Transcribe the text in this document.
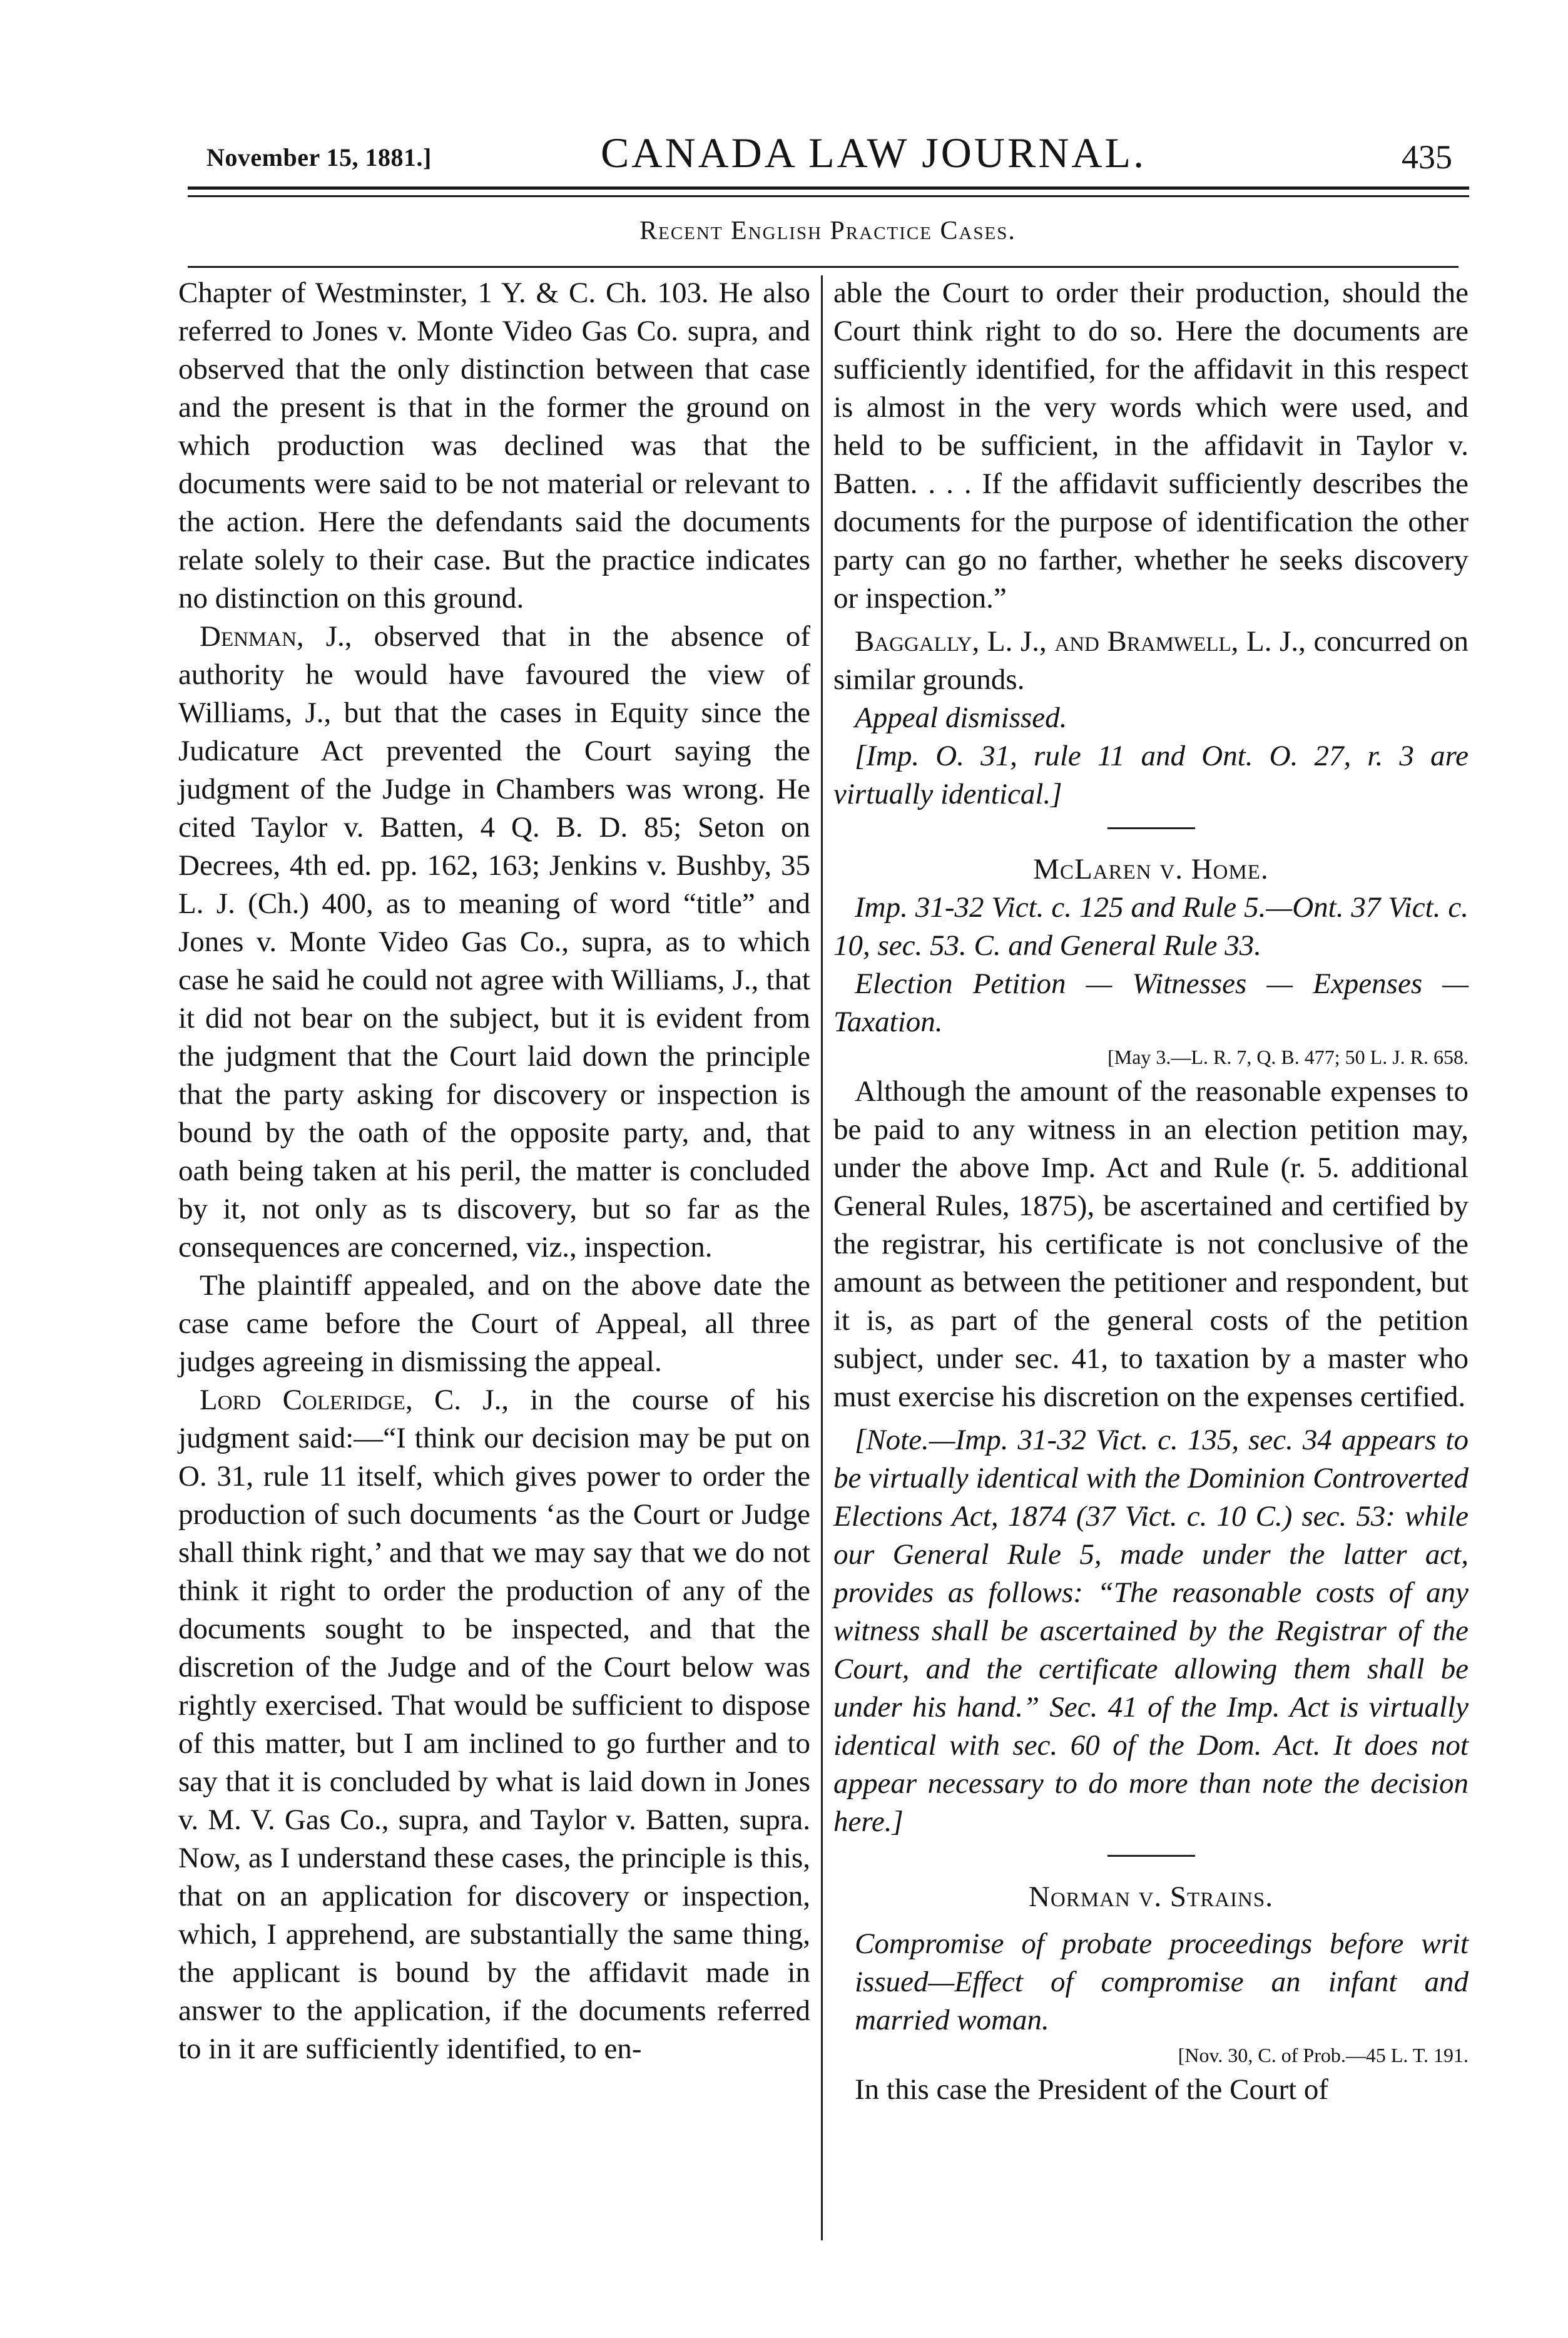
November 15, 1881.]	CANADA LAW JOURNAL.	435
Recent English Practice Cases.

Chapter of Westminster, 1 Y. & C. Ch. 103. He also referred to Jones v. Monte Video Gas Co. supra, and observed that the only distinction between that case and the present is that in the former the ground on which production was declined was that the documents were said to be not material or relevant to the action. Here the defendants said the documents relate solely to their case. But the practice indicates no distinction on this ground.

Denman, J., observed that in the absence of authority he would have favoured the view of Williams, J., but that the cases in Equity since the Judicature Act prevented the Court saying the judgment of the Judge in Chambers was wrong. He cited Taylor v. Batten, 4 Q. B. D. 85; Seton on Decrees, 4th ed. pp. 162, 163; Jenkins v. Bushby, 35 L. J. (Ch.) 400, as to meaning of word “title” and Jones v. Monte Video Gas Co., supra, as to which case he said he could not agree with Williams, J., that it did not bear on the subject, but it is evident from the judgment that the Court laid down the principle that the party asking for discovery or inspection is bound by the oath of the opposite party, and, that oath being taken at his peril, the matter is concluded by it, not only as ts discovery, but so far as the consequences are concerned, viz., inspection.

The plaintiff appealed, and on the above date the case came before the Court of Appeal, all three judges agreeing in dismissing the appeal.

Lord Coleridge, C. J., in the course of his judgment said:—“I think our decision may be put on O. 31, rule 11 itself, which gives power to order the production of such documents ‘as the Court or Judge shall think right,’ and that we may say that we do not think it right to order the production of any of the documents sought to be inspected, and that the discretion of the Judge and of the Court below was rightly exercised. That would be sufficient to dispose of this matter, but I am inclined to go further and to say that it is concluded by what is laid down in Jones v. M. V. Gas Co., supra, and Taylor v. Batten, supra. Now, as I understand these cases, the principle is this, that on an application for discovery or inspection, which, I apprehend, are substantially the same thing, the applicant is bound by the affidavit made in answer to the application, if the documents referred to in it are sufficiently identified, to en-

able the Court to order their production, should the Court think right to do so. Here the documents are sufficiently identified, for the affidavit in this respect is almost in the very words which were used, and held to be sufficient, in the affidavit in Taylor v. Batten. . . . If the affidavit sufficiently describes the documents for the purpose of identification the other party can go no farther, whether he seeks discovery or inspection.”

Baggally, L. J., and Bramwell, L. J., concurred on similar grounds.

Appeal dismissed.

[Imp. O. 31, rule 11 and Ont. O. 27, r. 3 are virtually identical.]

McLaren v. Home.

Imp. 31-32 Vict. c. 125 and Rule 5.—Ont. 37 Vict. c. 10, sec. 53. C. and General Rule 33.

Election Petition — Witnesses — Expenses — Taxation.

[May 3.—L. R. 7, Q. B. 477; 50 L. J. R. 658.

Although the amount of the reasonable expenses to be paid to any witness in an election petition may, under the above Imp. Act and Rule (r. 5. additional General Rules, 1875), be ascertained and certified by the registrar, his certificate is not conclusive of the amount as between the petitioner and respondent, but it is, as part of the general costs of the petition subject, under sec. 41, to taxation by a master who must exercise his discretion on the expenses certified.

[Note.—Imp. 31-32 Vict. c. 135, sec. 34 appears to be virtually identical with the Dominion Controverted Elections Act, 1874 (37 Vict. c. 10 C.) sec. 53: while our General Rule 5, made under the latter act, provides as follows: “The reasonable costs of any witness shall be ascertained by the Registrar of the Court, and the certificate allowing them shall be under his hand.” Sec. 41 of the Imp. Act is virtually identical with sec. 60 of the Dom. Act. It does not appear necessary to do more than note the decision here.]

Norman v. Strains.

Compromise of probate proceedings before writ issued—Effect of compromise an infant and married woman.

[Nov. 30, C. of Prob.—45 L. T. 191.

In this case the President of the Court of
